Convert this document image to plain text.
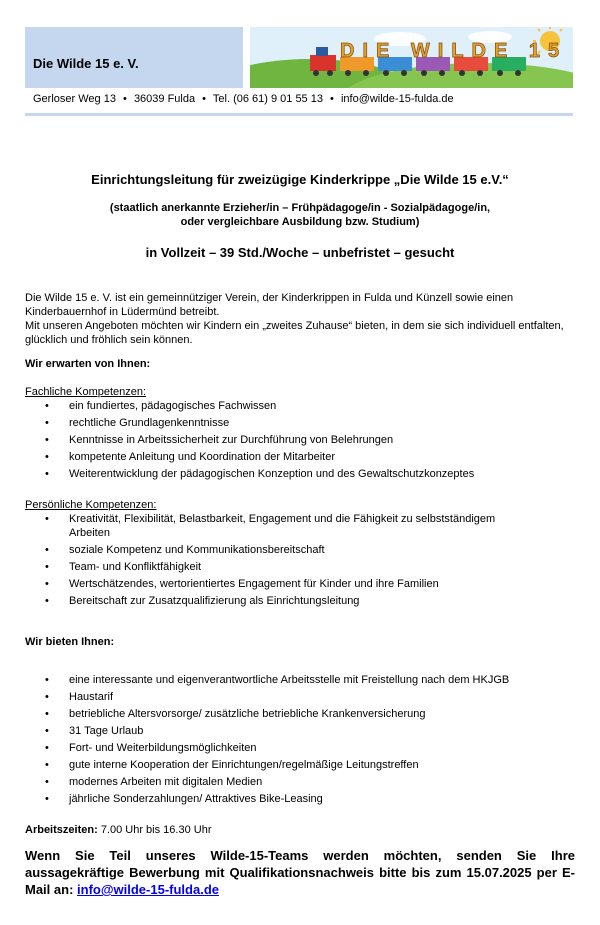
Die Wilde 15 e. V.
DIE WILDE 15
Gerloser Weg 13 • 36039 Fulda • Tel. (06 61) 9 01 55 13 • info@wilde-15-fulda.de
Einrichtungsleitung für zweizügige Kinderkrippe „Die Wilde 15 e.V.“
(staatlich anerkannte Erzieher/in – Frühpädagoge/in - Sozialpädagoge/in,
oder vergleichbare Ausbildung bzw. Studium)
in Vollzeit – 39 Std./Woche – unbefristet – gesucht

Die Wilde 15 e. V. ist ein gemeinnütziger Verein, der Kinderkrippen in Fulda und Künzell sowie einen Kinderbauernhof in Lüdermünd betreibt.

Mit unseren Angeboten möchten wir Kindern ein „zweites Zuhause“ bieten, in dem sie sich individuell entfalten, glücklich und fröhlich sein können.

Wir erwarten von Ihnen:

Fachliche Kompetenzen:

• ein fundiertes, pädagogisches Fachwissen
• rechtliche Grundlagenkenntnisse
• Kenntnisse in Arbeitssicherheit zur Durchführung von Belehrungen
• kompetente Anleitung und Koordination der Mitarbeiter
• Weiterentwicklung der pädagogischen Konzeption und des Gewaltschutzkonzeptes

Persönliche Kompetenzen:

• Kreativität, Flexibilität, Belastbarkeit, Engagement und die Fähigkeit zu selbstständigem Arbeiten
• soziale Kompetenz und Kommunikationsbereitschaft
• Team- und Konfliktfähigkeit
• Wertschätzendes, wertorientiertes Engagement für Kinder und ihre Familien
• Bereitschaft zur Zusatzqualifizierung als Einrichtungsleitung

Wir bieten Ihnen:

• eine interessante und eigenverantwortliche Arbeitsstelle mit Freistellung nach dem HKJGB
• Haustarif
• betriebliche Altersvorsorge/ zusätzliche betriebliche Krankenversicherung
• 31 Tage Urlaub
• Fort- und Weiterbildungsmöglichkeiten
• gute interne Kooperation der Einrichtungen/regelmäßige Leitungstreffen
• modernes Arbeiten mit digitalen Medien
• jährliche Sonderzahlungen/ Attraktives Bike-Leasing

Arbeitszeiten: 7.00 Uhr bis 16.30 Uhr

Wenn Sie Teil unseres Wilde-15-Teams werden möchten, senden Sie Ihre aussagekräftige Bewerbung mit Qualifikationsnachweis bitte bis zum 15.07.2025 per E-Mail an: info@wilde-15-fulda.de
